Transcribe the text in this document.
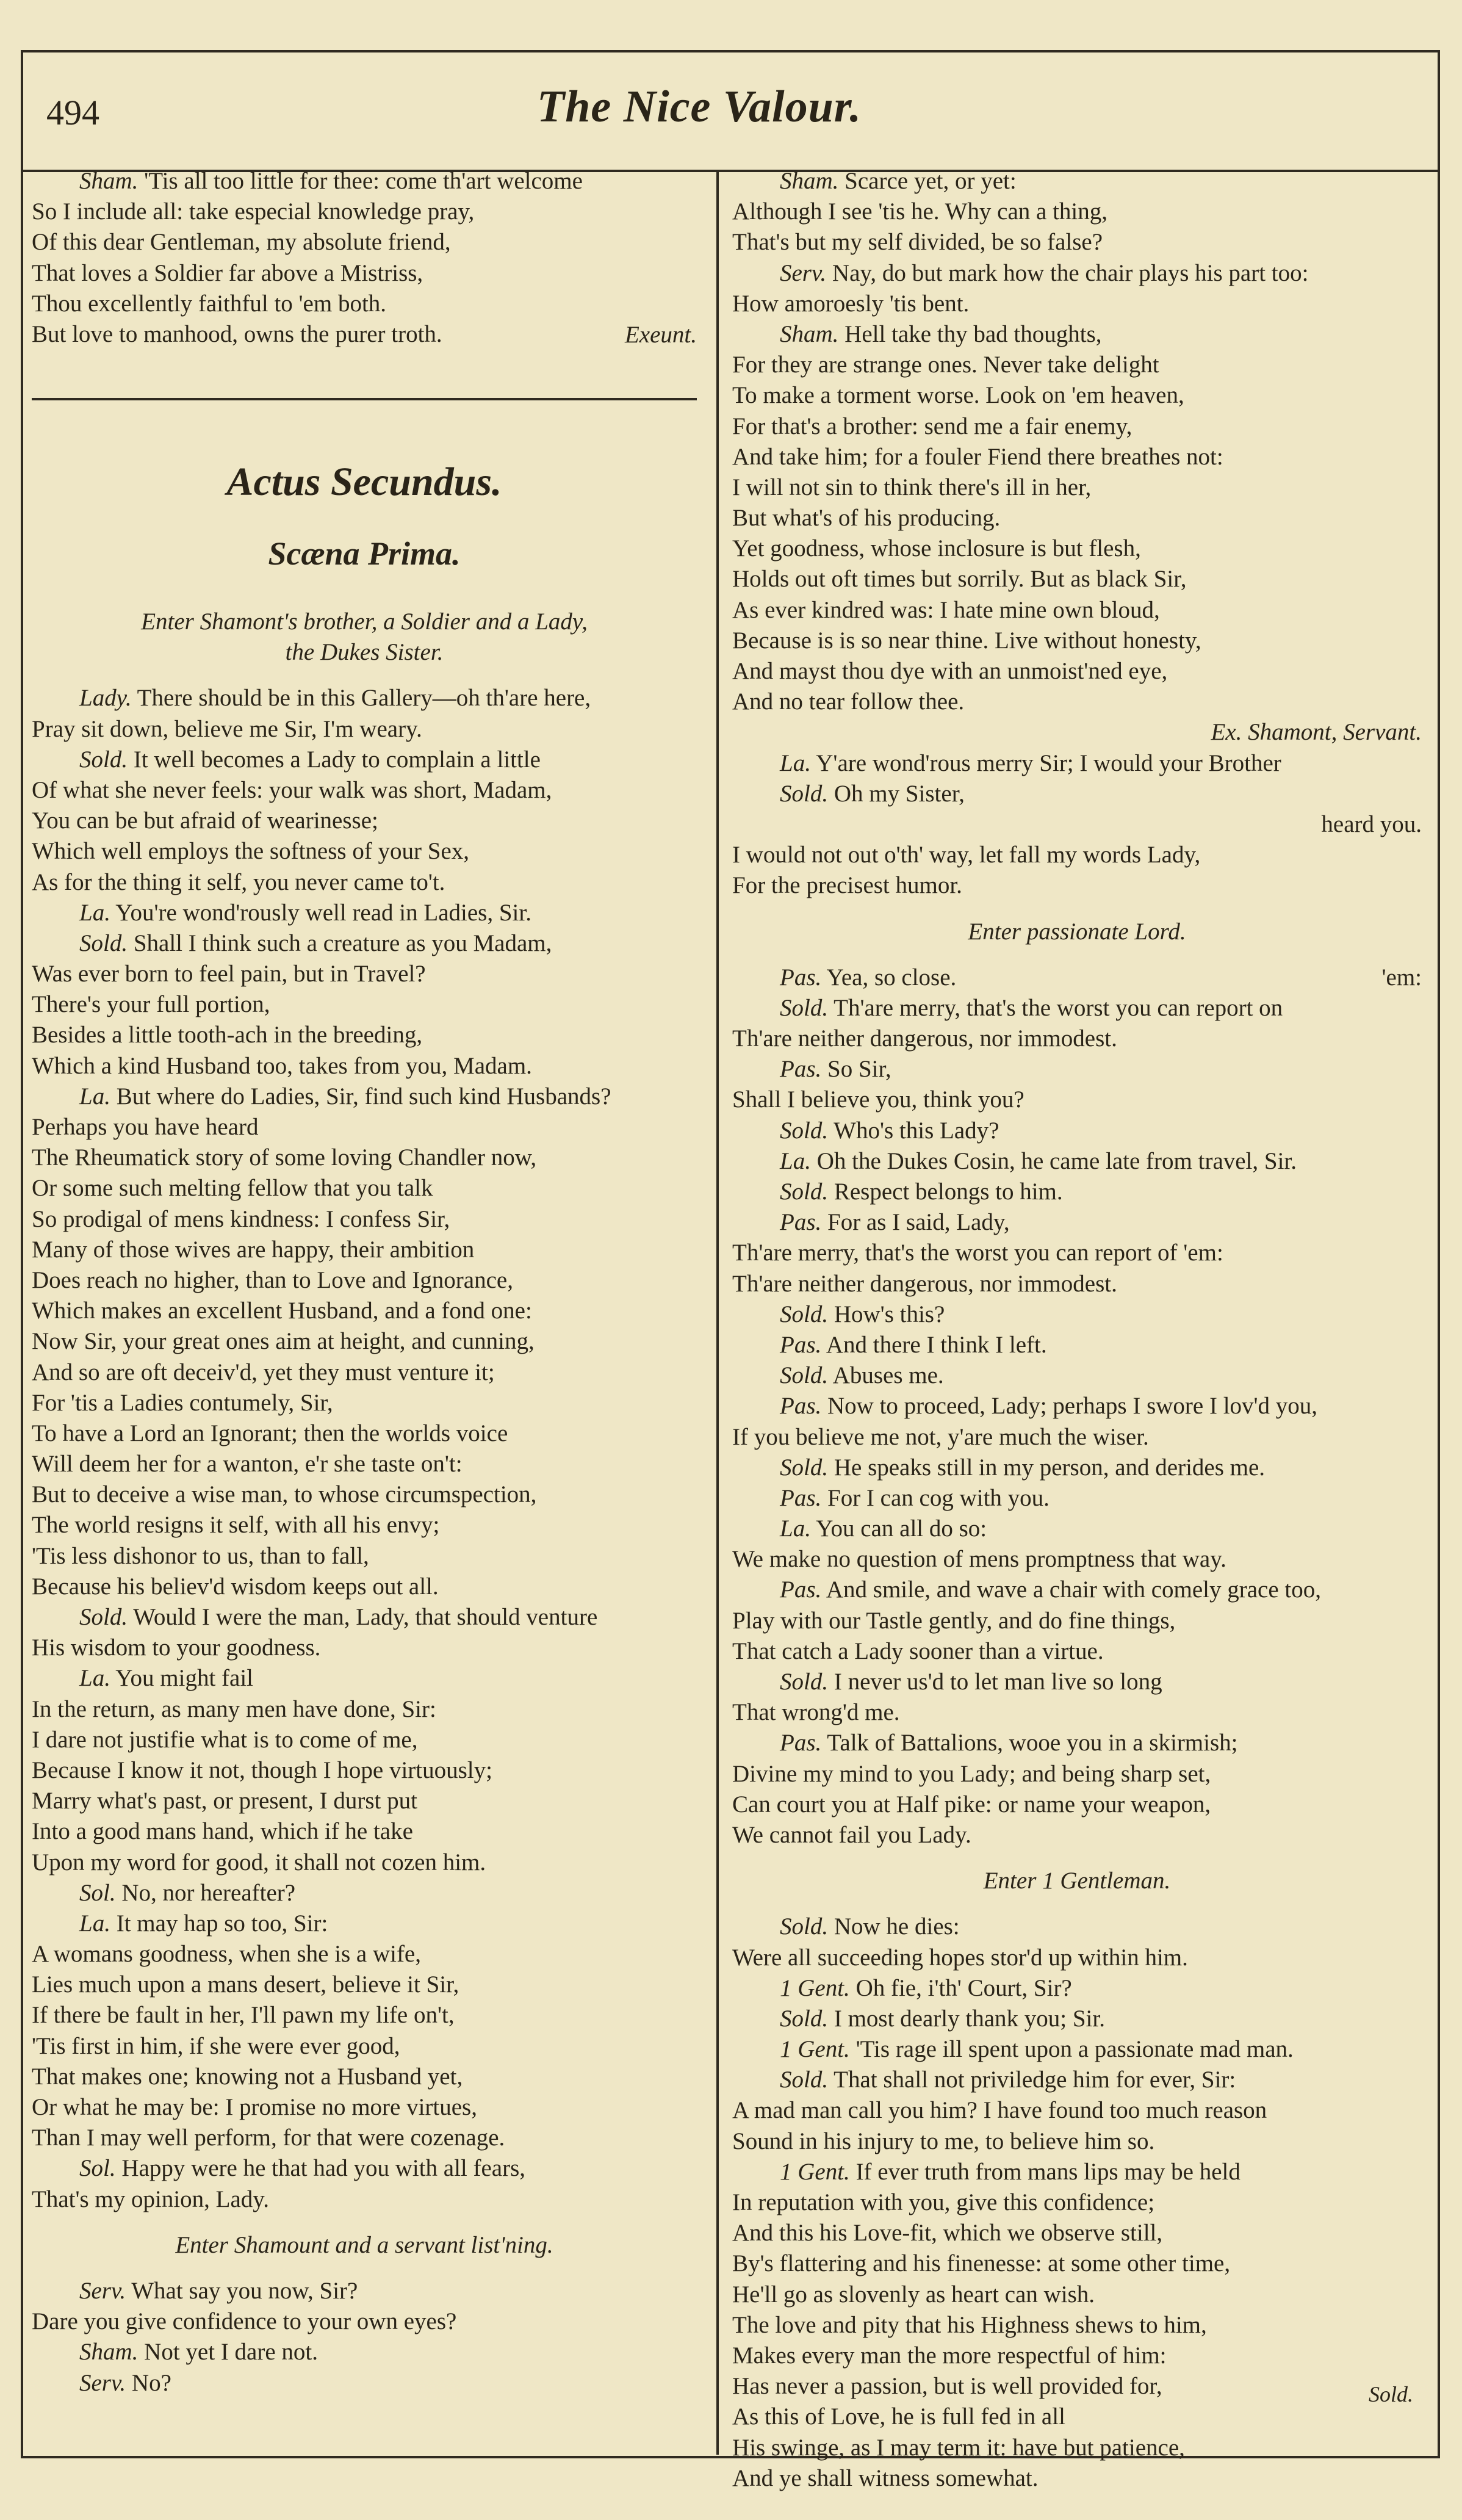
494	The Nice Valour.
Sham. 'Tis all too little for thee: come th'art welcome
So I include all: take especial knowledge pray,
Of this dear Gentleman, my absolute friend,
That loves a Soldier far above a Mistriss,
Thou excellently faithful to 'em both.
But love to manhood, owns the purer troth.	Exeunt.
Actus Secundus.
Scæna Prima.
Enter Shamont's brother, a Soldier and a Lady,
the Dukes Sister.
Lady. There should be in this Gallery—oh th'are here,
Pray sit down, believe me Sir, I'm weary.
Sold. It well becomes a Lady to complain a little
Of what she never feels: your walk was short, Madam,
You can be but afraid of wearinesse;
Which well employs the softness of your Sex,
As for the thing it self, you never came to't.
La. You're wond'rously well read in Ladies, Sir.
Sold. Shall I think such a creature as you Madam,
Was ever born to feel pain, but in Travel?
There's your full portion,
Besides a little tooth-ach in the breeding,
Which a kind Husband too, takes from you, Madam.
La. But where do Ladies, Sir, find such kind Husbands?
Perhaps you have heard
The Rheumatick story of some loving Chandler now,
Or some such melting fellow that you talk
So prodigal of mens kindness: I confess Sir,
Many of those wives are happy, their ambition
Does reach no higher, than to Love and Ignorance,
Which makes an excellent Husband, and a fond one:
Now Sir, your great ones aim at height, and cunning,
And so are oft deceiv'd, yet they must venture it;
For 'tis a Ladies contumely, Sir,
To have a Lord an Ignorant; then the worlds voice
Will deem her for a wanton, e'r she taste on't:
But to deceive a wise man, to whose circumspection,
The world resigns it self, with all his envy;
'Tis less dishonor to us, than to fall,
Because his believ'd wisdom keeps out all.
Sold. Would I were the man, Lady, that should venture
His wisdom to your goodness.
La. You might fail
In the return, as many men have done, Sir:
I dare not justifie what is to come of me,
Because I know it not, though I hope virtuously;
Marry what's past, or present, I durst put
Into a good mans hand, which if he take
Upon my word for good, it shall not cozen him.
Sol. No, nor hereafter?
La. It may hap so too, Sir:
A womans goodness, when she is a wife,
Lies much upon a mans desert, believe it Sir,
If there be fault in her, I'll pawn my life on't,
'Tis first in him, if she were ever good,
That makes one; knowing not a Husband yet,
Or what he may be: I promise no more virtues,
Than I may well perform, for that were cozenage.
Sol. Happy were he that had you with all fears,
That's my opinion, Lady.
Enter Shamount and a servant list'ning.
Serv. What say you now, Sir?
Dare you give confidence to your own eyes?
Sham. Not yet I dare not.
Serv. No?
Sham. Scarce yet, or yet:
Although I see 'tis he. Why can a thing,
That's but my self divided, be so false?
Serv. Nay, do but mark how the chair plays his part too:
How amoroesly 'tis bent.
Sham. Hell take thy bad thoughts,
For they are strange ones. Never take delight
To make a torment worse. Look on 'em heaven,
For that's a brother: send me a fair enemy,
And take him; for a fouler Fiend there breathes not:
I will not sin to think there's ill in her,
But what's of his producing.
Yet goodness, whose inclosure is but flesh,
Holds out oft times but sorrily. But as black Sir,
As ever kindred was: I hate mine own bloud,
Because is is so near thine. Live without honesty,
And mayst thou dye with an unmoist'ned eye,
And no tear follow thee.
Ex. Shamont, Servant.
La. Y'are wond'rous merry Sir; I would your Brother
Sold. Oh my Sister,
heard you.
I would not out o'th' way, let fall my words Lady,
For the precisest humor.
Enter passionate Lord.
'em:
Pas. Yea, so close.
Sold. Th'are merry, that's the worst you can report on
Th'are neither dangerous, nor immodest.
Pas. So Sir,
Shall I believe you, think you?
Sold. Who's this Lady?
La. Oh the Dukes Cosin, he came late from travel, Sir.
Sold. Respect belongs to him.
Pas. For as I said, Lady,
Th'are merry, that's the worst you can report of 'em:
Th'are neither dangerous, nor immodest.
Sold. How's this?
Pas. And there I think I left.
Sold. Abuses me.
Pas. Now to proceed, Lady; perhaps I swore I lov'd you,
If you believe me not, y'are much the wiser.
Sold. He speaks still in my person, and derides me.
Pas. For I can cog with you.
La. You can all do so:
We make no question of mens promptness that way.
Pas. And smile, and wave a chair with comely grace too,
Play with our Tastle gently, and do fine things,
That catch a Lady sooner than a virtue.
Sold. I never us'd to let man live so long
That wrong'd me.
Pas. Talk of Battalions, wooe you in a skirmish;
Divine my mind to you Lady; and being sharp set,
Can court you at Half pike: or name your weapon,
We cannot fail you Lady.
Enter 1 Gentleman.
Sold. Now he dies:
Were all succeeding hopes stor'd up within him.
1 Gent. Oh fie, i'th' Court, Sir?
Sold. I most dearly thank you; Sir.
1 Gent. 'Tis rage ill spent upon a passionate mad man.
Sold. That shall not priviledge him for ever, Sir:
A mad man call you him? I have found too much reason
Sound in his injury to me, to believe him so.
1 Gent. If ever truth from mans lips may be held
In reputation with you, give this confidence;
And this his Love-fit, which we observe still,
By's flattering and his finenesse: at some other time,
He'll go as slovenly as heart can wish.
The love and pity that his Highness shews to him,
Makes every man the more respectful of him:
Has never a passion, but is well provided for,
As this of Love, he is full fed in all
His swinge, as I may term it: have but patience,
And ye shall witness somewhat.
Sold.
